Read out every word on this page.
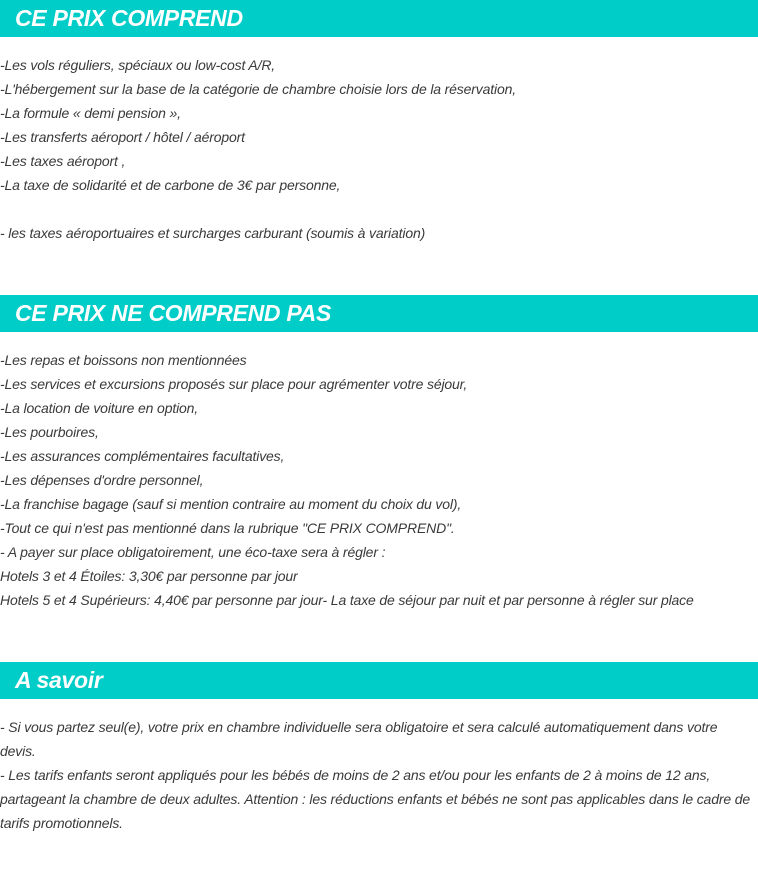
CE PRIX COMPREND
-Les vols réguliers, spéciaux ou low-cost A/R,
-L'hébergement sur la base de la catégorie de chambre choisie lors de la réservation,
-La formule « demi pension »,
-Les transferts aéroport / hôtel / aéroport
-Les taxes aéroport ,
-La taxe de solidarité et de carbone de 3€ par personne,
- les taxes aéroportuaires et surcharges carburant (soumis à variation)
CE PRIX NE COMPREND PAS
-Les repas et boissons non mentionnées
-Les services et excursions proposés sur place pour agrémenter votre séjour,
-La location de voiture en option,
-Les pourboires,
-Les assurances complémentaires facultatives,
-Les dépenses d'ordre personnel,
-La franchise bagage (sauf si mention contraire au moment du choix du vol),
-Tout ce qui n'est pas mentionné dans la rubrique "CE PRIX COMPREND".
- A payer sur place obligatoirement, une éco-taxe sera à régler :
Hotels 3 et 4 Étoiles: 3,30€ par personne par jour
Hotels 5 et 4 Supérieurs: 4,40€ par personne par jour- La taxe de séjour par nuit et par personne à régler sur place
A savoir
- Si vous partez seul(e), votre prix en chambre individuelle sera obligatoire et sera calculé automatiquement dans votre devis.
- Les tarifs enfants seront appliqués pour les bébés de moins de 2 ans et/ou pour les enfants de 2 à moins de 12 ans, partageant la chambre de deux adultes. Attention : les réductions enfants et bébés ne sont pas applicables dans le cadre de tarifs promotionnels.
